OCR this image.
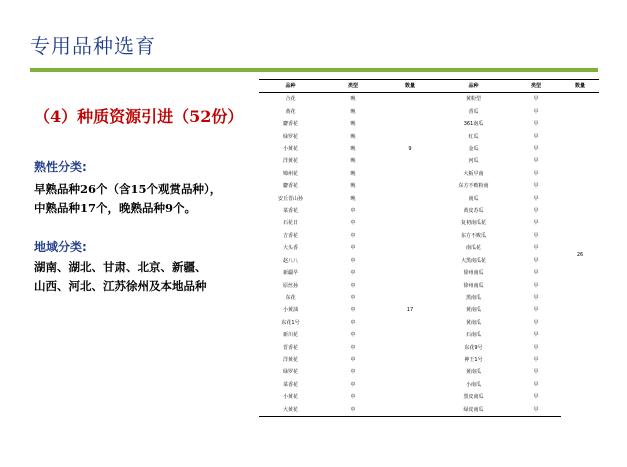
专用品种选育
（4）种质资源引进（52份）
熟性分类:
早熟品种26个（含15个观赏品种），
中熟品种17个，晚熟品种9个。
地域分类:
湖南、湖北、甘肃、北京、新疆、
山西、河北、江苏徐州及本地品种
品种	类型	数量	品种	类型	数量
合花	晚		黄粉型	早	26
黄花	晚		香瓜	早	
麝香花	晚		361南瓜	早	
绿罗花	晚		红瓜	早	
小黄花	晚	9	金瓜	早	
洋黄花	晚		河瓜	早	
锦州花	晚		大板早南	早	
麝香花	晚		东方不败粉南	早	
安丘晋山孙	晚		南瓜	早	
菜香花	中		黄皮苏瓜	早	
石花日	中		复初南瓜花	早	
吉香花	中		东方不败瓜	早	
大头香	中		南瓜花	早	
赵八八	中		大黑南瓜花	早	
新疆早	中		徐州南瓜	早	
原丝孙	中		徐州南瓜	早	
东花	中		黑南瓜	早	
小黄油	中	17	黄南瓜	早	
东花1号	中		黄南瓜	早	
新川花	中		石南瓜	早	
晋香花	中		东花9号	早	
洋黄花	中		神王1号	早	
绿罗花	中		黄南瓜	早	
菜香花	中		小南瓜	早	
小黄花	中		黑皮南瓜	早	
大黄花	中		绿皮南瓜	早	
